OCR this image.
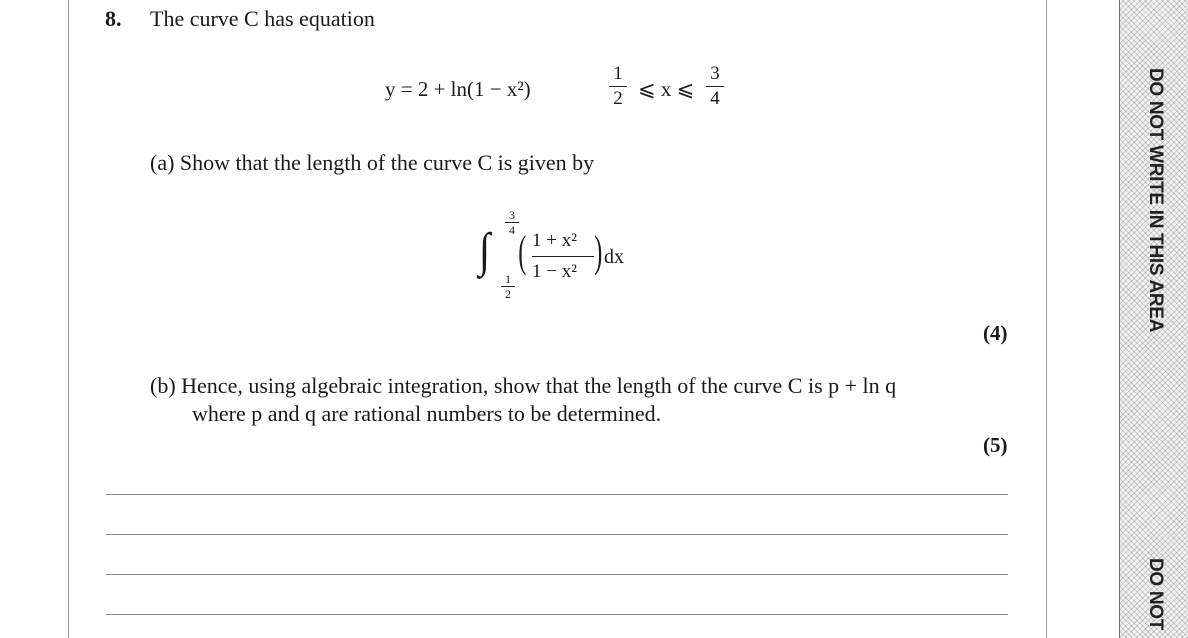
DO NOT WRITE IN THIS AREA
DO NOT
8. The curve C has equation
y = 2 + ln(1 − x²)
1
2 ⩽ x ⩽
3
4
(a) Show that the length of the curve C is given by
∫
3
4
1
2
( 1 + x²
1 − x² ) dx
(4)
(b) Hence, using algebraic integration, show that the length of the curve C is p + ln q
where p and q are rational numbers to be determined.
(5)
